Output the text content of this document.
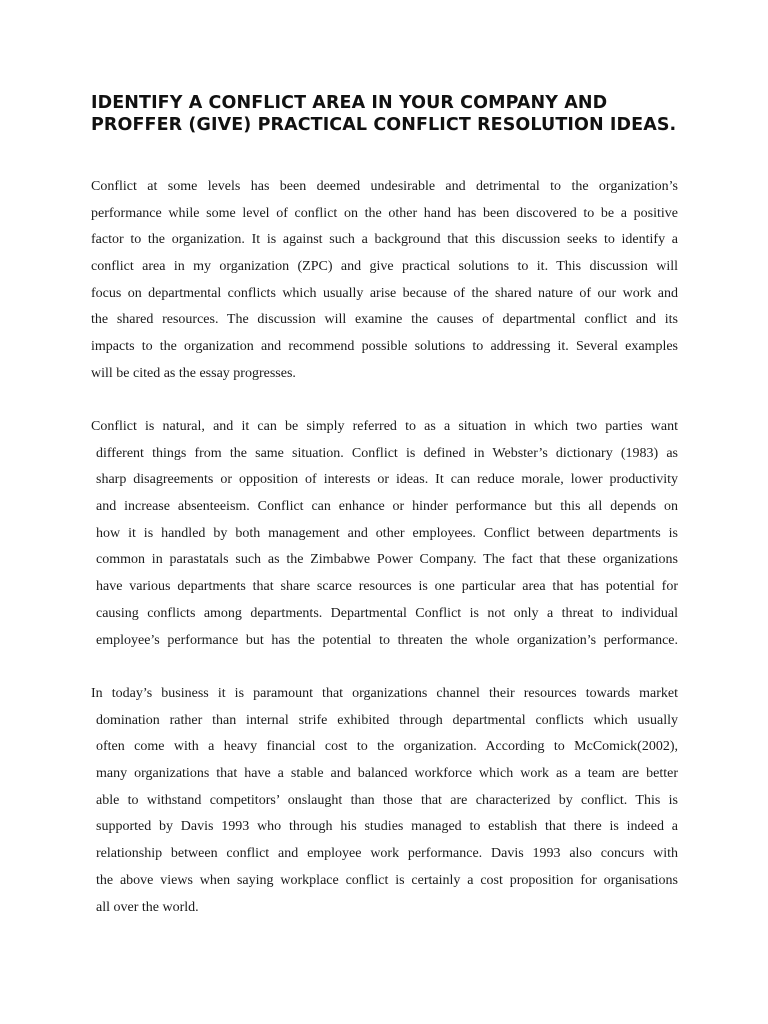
IDENTIFY A CONFLICT AREA IN YOUR COMPANY AND
PROFFER (GIVE) PRACTICAL CONFLICT RESOLUTION IDEAS.
Conflict at some levels has been deemed undesirable and detrimental to the organization’s
performance while some level of conflict on the other hand has been discovered to be a positive
factor to the organization. It is against such a background that this discussion seeks to identify a
conflict area in my organization (ZPC) and give practical solutions to it. This discussion will
focus on departmental conflicts which usually arise because of the shared nature of our work and
the shared resources. The discussion will examine the causes of departmental conflict and its
impacts to the organization and recommend possible solutions to addressing it. Several examples
will be cited as the essay progresses.
Conflict is natural, and it can be simply referred to as a situation in which two parties want
different things from the same situation. Conflict is defined in Webster’s dictionary (1983) as
sharp disagreements or opposition of interests or ideas. It can reduce morale, lower productivity
and increase absenteeism. Conflict can enhance or hinder performance but this all depends on
how it is handled by both management and other employees. Conflict between departments is
common in parastatals such as the Zimbabwe Power Company. The fact that these organizations
have various departments that share scarce resources is one particular area that has potential for
causing conflicts among departments. Departmental Conflict is not only a threat to individual
employee’s performance but has the potential to threaten the whole organization’s performance.
In today’s business it is paramount that organizations channel their resources towards market
domination rather than internal strife exhibited through departmental conflicts which usually
often come with a heavy financial cost to the organization. According to McComick(2002),
many organizations that have a stable and balanced workforce which work as a team are better
able to withstand competitors’ onslaught than those that are characterized by conflict. This is
supported by Davis 1993 who through his studies managed to establish that there is indeed a
relationship between conflict and employee work performance. Davis 1993 also concurs with
the above views when saying workplace conflict is certainly a cost proposition for organisations
all over the world.
